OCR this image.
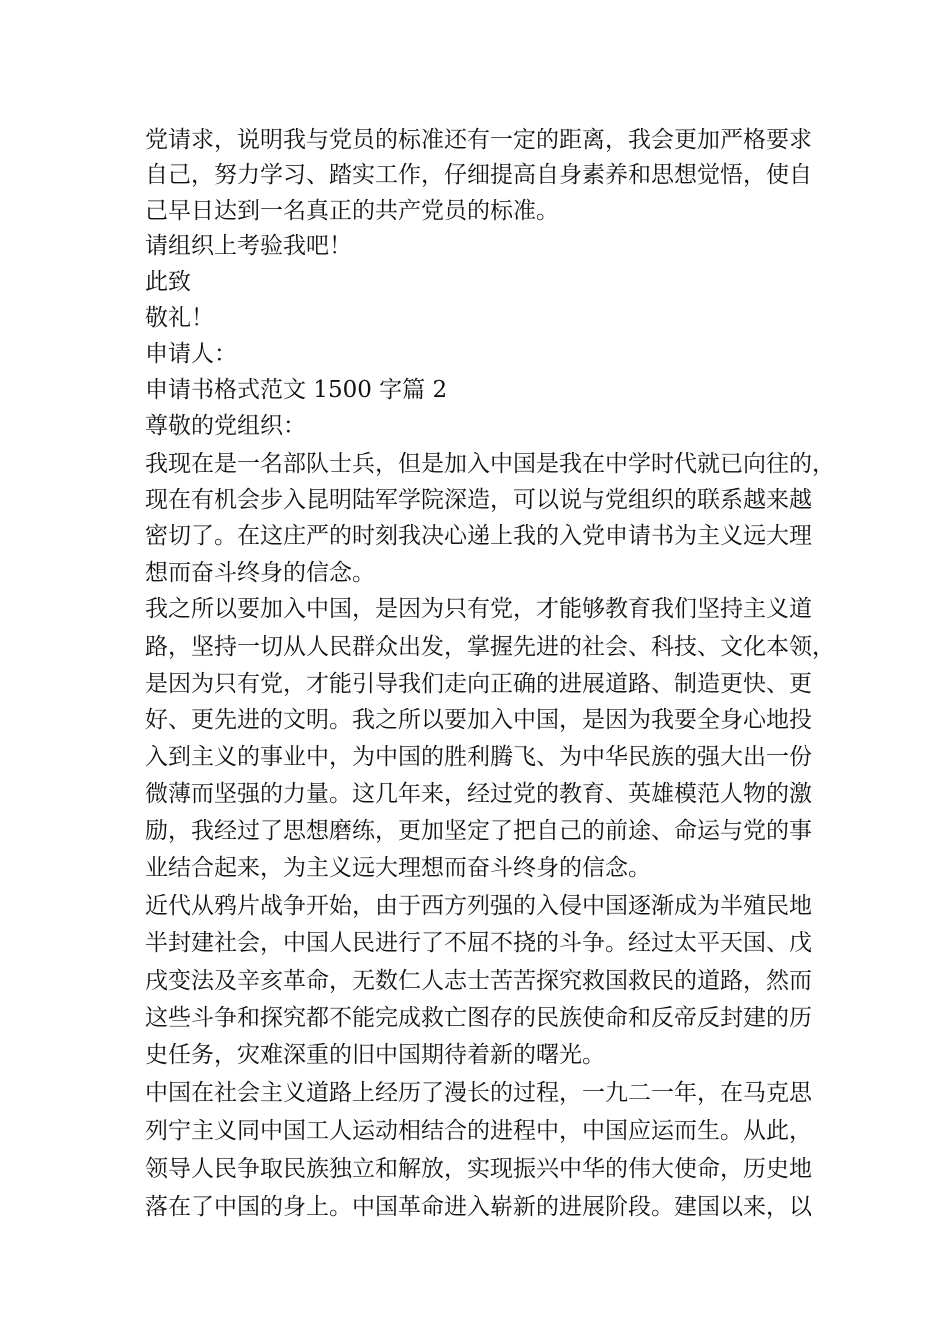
党请求，说明我与党员的标准还有一定的距离，我会更加严格要求
自己，努力学习、踏实工作，仔细提高自身素养和思想觉悟，使自
己早日达到一名真正的共产党员的标准。
请组织上考验我吧！
此致
敬礼！
申请人：
申请书格式范文 1500 字篇 2
尊敬的党组织：
我现在是一名部队士兵，但是加入中国是我在中学时代就已向往的，
现在有机会步入昆明陆军学院深造，可以说与党组织的联系越来越
密切了。在这庄严的时刻我决心递上我的入党申请书为主义远大理
想而奋斗终身的信念。
我之所以要加入中国，是因为只有党，才能够教育我们坚持主义道
路，坚持一切从人民群众出发，掌握先进的社会、科技、文化本领，
是因为只有党，才能引导我们走向正确的进展道路、制造更快、更
好、更先进的文明。我之所以要加入中国，是因为我要全身心地投
入到主义的事业中，为中国的胜利腾飞、为中华民族的强大出一份
微薄而坚强的力量。这几年来，经过党的教育、英雄模范人物的激
励，我经过了思想磨练，更加坚定了把自己的前途、命运与党的事
业结合起来，为主义远大理想而奋斗终身的信念。
近代从鸦片战争开始，由于西方列强的入侵中国逐渐成为半殖民地
半封建社会，中国人民进行了不屈不挠的斗争。经过太平天国、戊
戌变法及辛亥革命，无数仁人志士苦苦探究救国救民的道路，然而
这些斗争和探究都不能完成救亡图存的民族使命和反帝反封建的历
史任务，灾难深重的旧中国期待着新的曙光。
中国在社会主义道路上经历了漫长的过程，一九二一年，在马克思
列宁主义同中国工人运动相结合的进程中，中国应运而生。从此，
领导人民争取民族独立和解放，实现振兴中华的伟大使命，历史地
落在了中国的身上。中国革命进入崭新的进展阶段。建国以来，以
